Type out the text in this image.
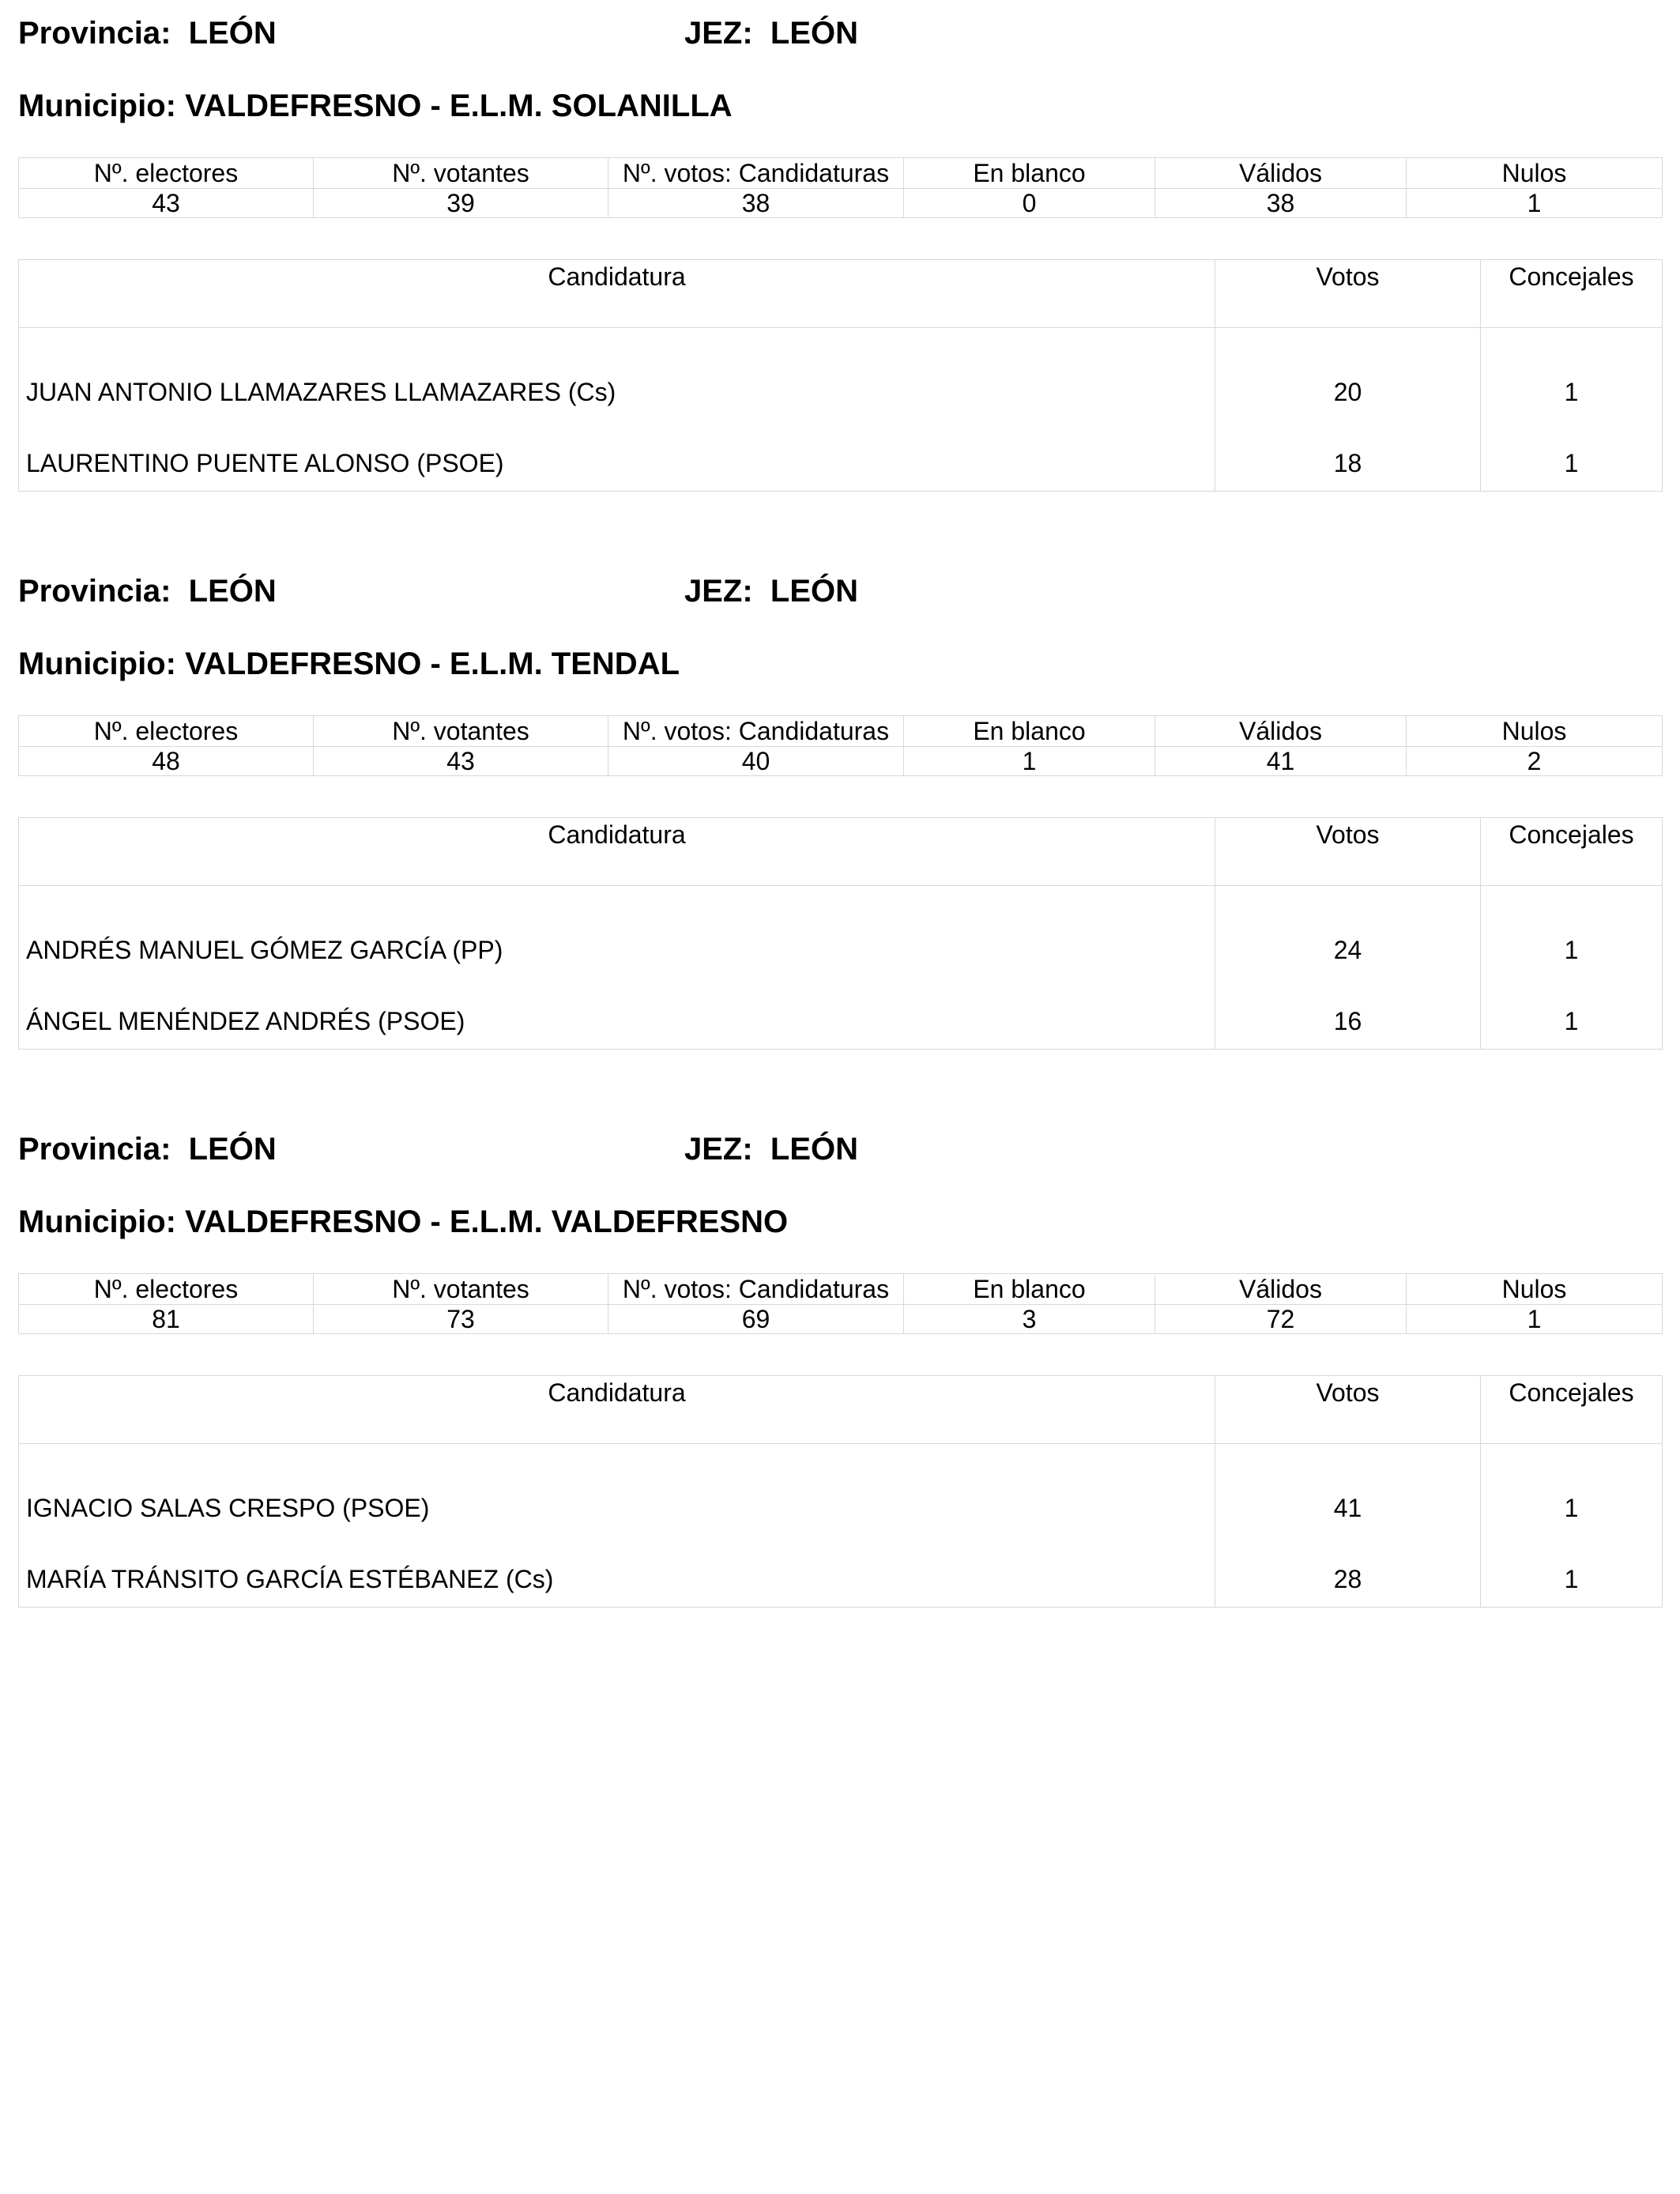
Provincia: LEÓN	JEZ: LEÓN
Municipio: VALDEFRESNO - E.L.M. SOLANILLA
Nº. electores	Nº. votantes	Nº. votos: Candidaturas	En blanco	Válidos	Nulos
43	39	38	0	38	1
Candidatura	Votos	Concejales
JUAN ANTONIO LLAMAZARES LLAMAZARES (Cs)	20	1
LAURENTINO PUENTE ALONSO (PSOE)	18	1
Provincia: LEÓN	JEZ: LEÓN
Municipio: VALDEFRESNO - E.L.M. TENDAL
Nº. electores	Nº. votantes	Nº. votos: Candidaturas	En blanco	Válidos	Nulos
48	43	40	1	41	2
Candidatura	Votos	Concejales
ANDRÉS MANUEL GÓMEZ GARCÍA (PP)	24	1
ÁNGEL MENÉNDEZ ANDRÉS (PSOE)	16	1
Provincia: LEÓN	JEZ: LEÓN
Municipio: VALDEFRESNO - E.L.M. VALDEFRESNO
Nº. electores	Nº. votantes	Nº. votos: Candidaturas	En blanco	Válidos	Nulos
81	73	69	3	72	1
Candidatura	Votos	Concejales
IGNACIO SALAS CRESPO (PSOE)	41	1
MARÍA TRÁNSITO GARCÍA ESTÉBANEZ (Cs)	28	1
